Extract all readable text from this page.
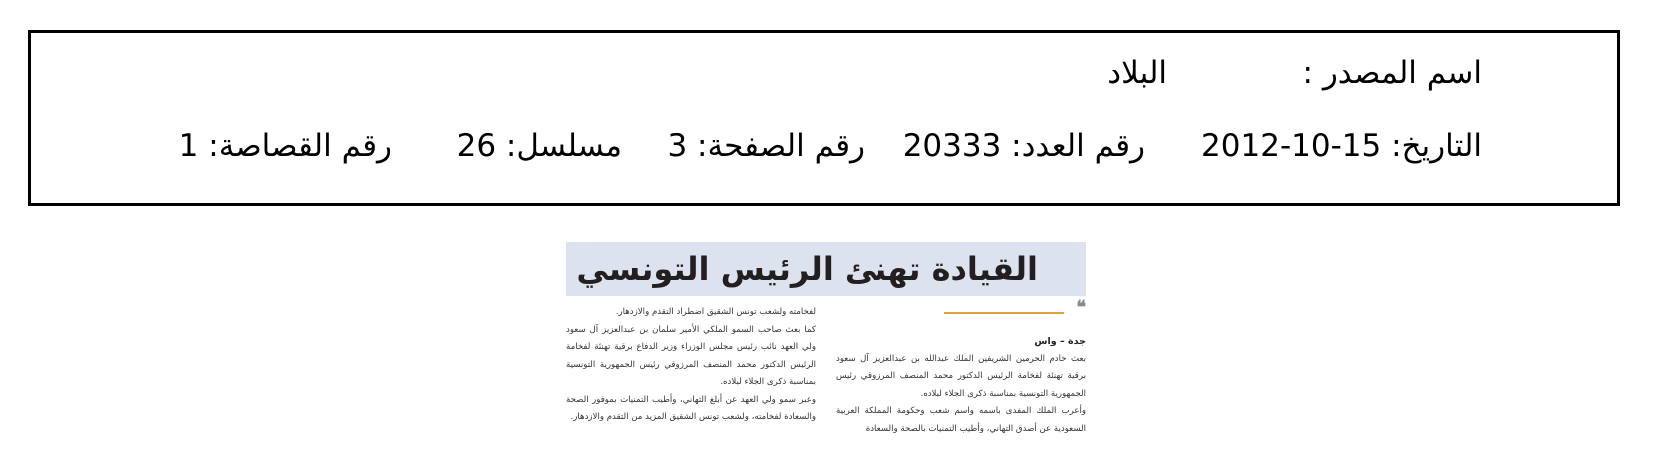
اسم المصدر :
البلاد
التاريخ: 15-10-2012
رقم العدد: 20333
رقم الصفحة: 3
مسلسل: 26
رقم القصاصة: 1
القيادة تهنئ الرئيس التونسي
❝

جدة – واس

بعث خادم الحرمين الشريفين الملك عبدالله بن عبدالعزيز آل سعود برقية تهنئة لفخامة الرئيس الدكتور محمد المنصف المرزوقي رئيس الجمهورية التونسية بمناسبة ذكرى الجلاء لبلاده.

وأعرب الملك المفدى باسمه واسم شعب وحكومة المملكة العربية السعودية عن أصدق التهاني، وأطيب التمنيات بالصحة والسعادة

لفخامته ولشعب تونس الشقيق اضطراد التقدم والازدهار.

كما بعث صاحب السمو الملكي الأمير سلمان بن عبدالعزيز آل سعود ولي العهد نائب رئيس مجلس الوزراء وزير الدفاع برقية تهنئة لفخامة الرئيس الدكتور محمد المنصف المرزوقي رئيس الجمهورية التونسية بمناسبة ذكرى الجلاء لبلاده.

وعبر سمو ولي العهد عن أبلغ التهاني، وأطيب التمنيات بموفور الصحة والسعادة لفخامته، ولشعب تونس الشقيق المزيد من التقدم والازدهار.
